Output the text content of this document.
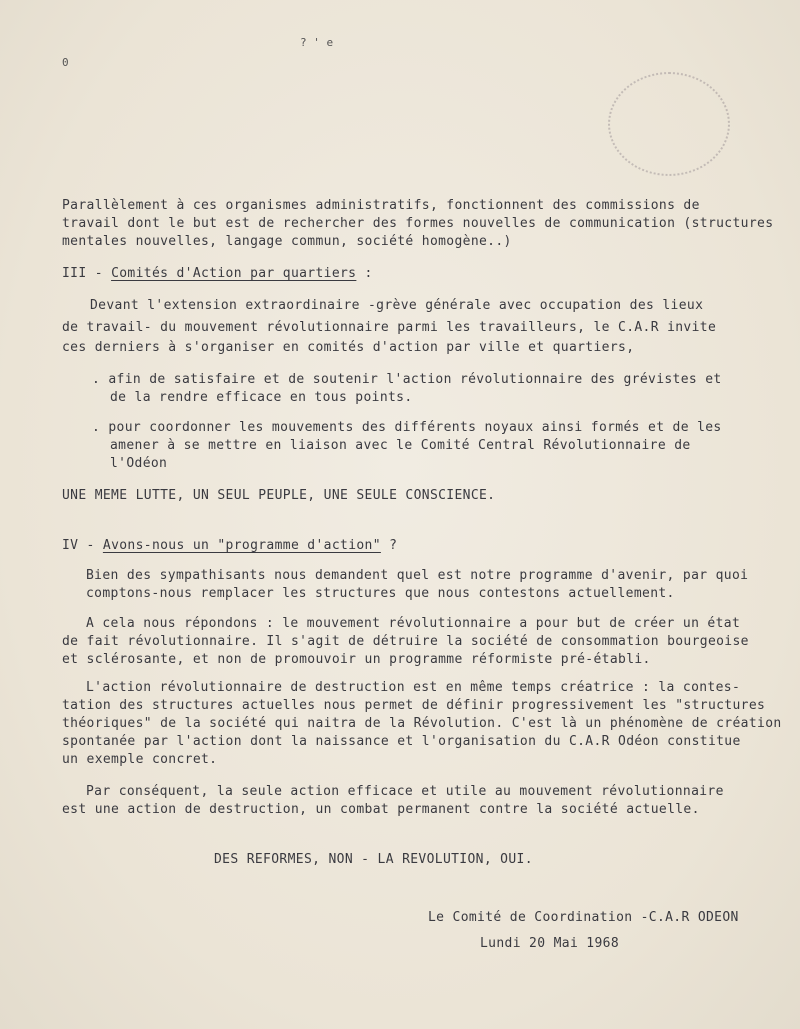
? ' e
0
Parallèlement à ces organismes administratifs, fonctionnent des commissions de
travail dont le but est de rechercher des formes nouvelles de communication (structures
mentales nouvelles, langage commun, société homogène..)
III - Comités d'Action par quartiers :
Devant l'extension extraordinaire -grève générale avec occupation des lieux
de travail- du mouvement révolutionnaire parmi les travailleurs, le C.A.R invite
ces derniers à s'organiser en comités d'action par ville et quartiers,
. afin de satisfaire et de soutenir l'action révolutionnaire des grévistes et
de la rendre efficace en tous points.
. pour coordonner les mouvements des différents noyaux ainsi formés et de les
amener à se mettre en liaison avec le Comité Central Révolutionnaire de
l'Odéon
UNE MEME LUTTE, UN SEUL PEUPLE, UNE SEULE CONSCIENCE.
IV - Avons-nous un "programme d'action" ?
Bien des sympathisants nous demandent quel est notre programme d'avenir, par quoi
comptons-nous remplacer les structures que nous contestons actuellement.
A cela nous répondons : le mouvement révolutionnaire a pour but de créer un état
de fait révolutionnaire. Il s'agit de détruire la société de consommation bourgeoise
et sclérosante, et non de promouvoir un programme réformiste pré-établi.
L'action révolutionnaire de destruction est en même temps créatrice : la contes-
tation des structures actuelles nous permet de définir progressivement les "structures
théoriques" de la société qui naitra de la Révolution. C'est là un phénomène de création
spontanée par l'action dont la naissance et l'organisation du C.A.R Odéon constitue
un exemple concret.
Par conséquent, la seule action efficace et utile au mouvement révolutionnaire
est une action de destruction, un combat permanent contre la société actuelle.
DES REFORMES, NON - LA REVOLUTION, OUI.
Le Comité de Coordination -C.A.R ODEON
Lundi 20 Mai 1968
